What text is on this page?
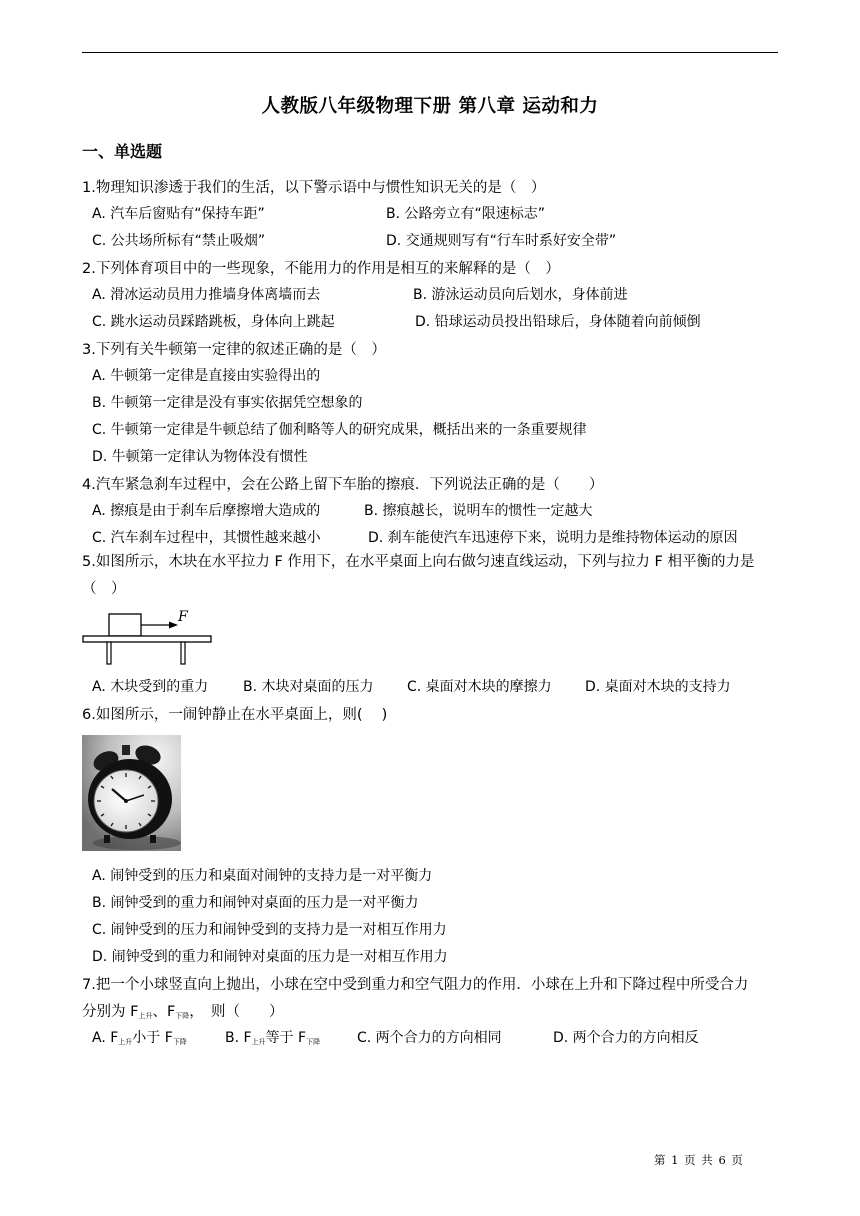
人教版八年级物理下册 第八章 运动和力
一、单选题
1.物理知识渗透于我们的生活，以下警示语中与惯性知识无关的是（　）
A. 汽车后窗贴有“保持车距”	B. 公路旁立有“限速标志”
C. 公共场所标有“禁止吸烟”	D. 交通规则写有“行车时系好安全带”
2.下列体育项目中的一些现象，不能用力的作用是相互的来解释的是（　）
A. 滑冰运动员用力推墙身体离墙而去	B. 游泳运动员向后划水，身体前进
C. 跳水运动员踩踏跳板，身体向上跳起	D. 铅球运动员投出铅球后，身体随着向前倾倒
3.下列有关牛顿第一定律的叙述正确的是（　）
A. 牛顿第一定律是直接由实验得出的
B. 牛顿第一定律是没有事实依据凭空想象的
C. 牛顿第一定律是牛顿总结了伽利略等人的研究成果，概括出来的一条重要规律
D. 牛顿第一定律认为物体没有惯性
4.汽车紧急刹车过程中，会在公路上留下车胎的擦痕．下列说法正确的是（　　）
A. 擦痕是由于刹车后摩擦增大造成的	B. 擦痕越长，说明车的惯性一定越大
C. 汽车刹车过程中，其惯性越来越小	D. 刹车能使汽车迅速停下来，说明力是维持物体运动的原因
5.如图所示，木块在水平拉力 F 作用下，在水平桌面上向右做匀速直线运动，下列与拉力 F 相平衡的力是（　）
F
A. 木块受到的重力 B. 木块对桌面的压力 C. 桌面对木块的摩擦力 D. 桌面对木块的支持力
6.如图所示，一闹钟静止在水平桌面上，则(　 )
A. 闹钟受到的压力和桌面对闹钟的支持力是一对平衡力
B. 闹钟受到的重力和闹钟对桌面的压力是一对平衡力
C. 闹钟受到的压力和闹钟受到的支持力是一对相互作用力
D. 闹钟受到的重力和闹钟对桌面的压力是一对相互作用力
7.把一个小球竖直向上抛出，小球在空中受到重力和空气阻力的作用．小球在上升和下降过程中所受合力
分别为 F上升、F下降，　则（　　）
A. F上升小于 F下降	B. F上升等于 F下降	C. 两个合力的方向相同	D. 两个合力的方向相反
第 1 页 共 6 页
